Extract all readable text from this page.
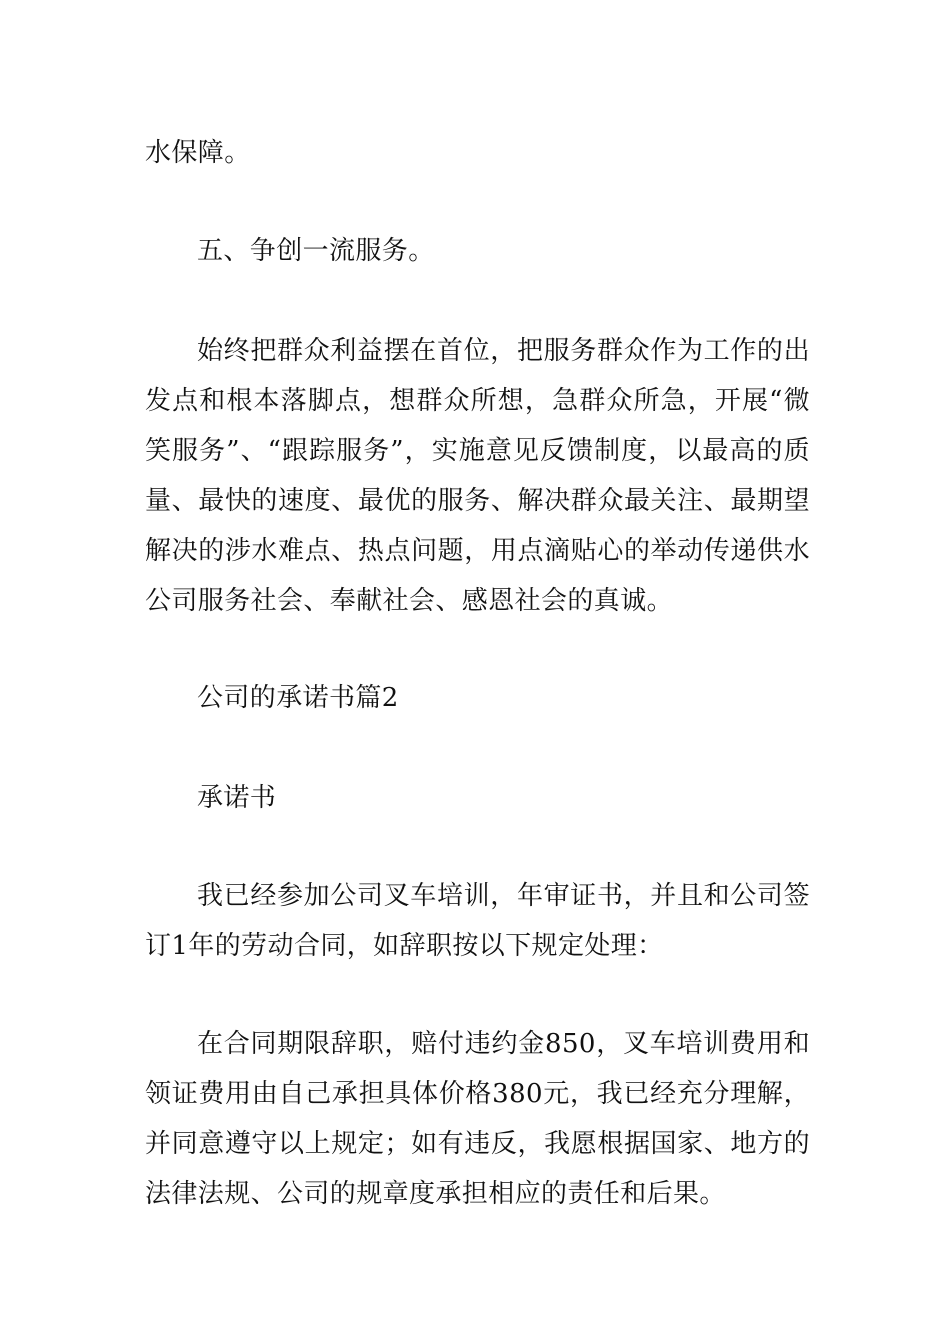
水保障。

五、争创一流服务。

始终把群众利益摆在首位，把服务群众作为工作的出发点和根本落脚点，想群众所想，急群众所急，开展“微笑服务”、“跟踪服务”，实施意见反馈制度，以最高的质量、最快的速度、最优的服务、解决群众最关注、最期望解决的涉水难点、热点问题，用点滴贴心的举动传递供水公司服务社会、奉献社会、感恩社会的真诚。

公司的承诺书篇2

承诺书

我已经参加公司叉车培训，年审证书，并且和公司签订1年的劳动合同，如辞职按以下规定处理：

在合同期限辞职，赔付违约金850，叉车培训费用和领证费用由自己承担具体价格380元，我已经充分理解，并同意遵守以上规定；如有违反，我愿根据国家、地方的法律法规、公司的规章度承担相应的责任和后果。
